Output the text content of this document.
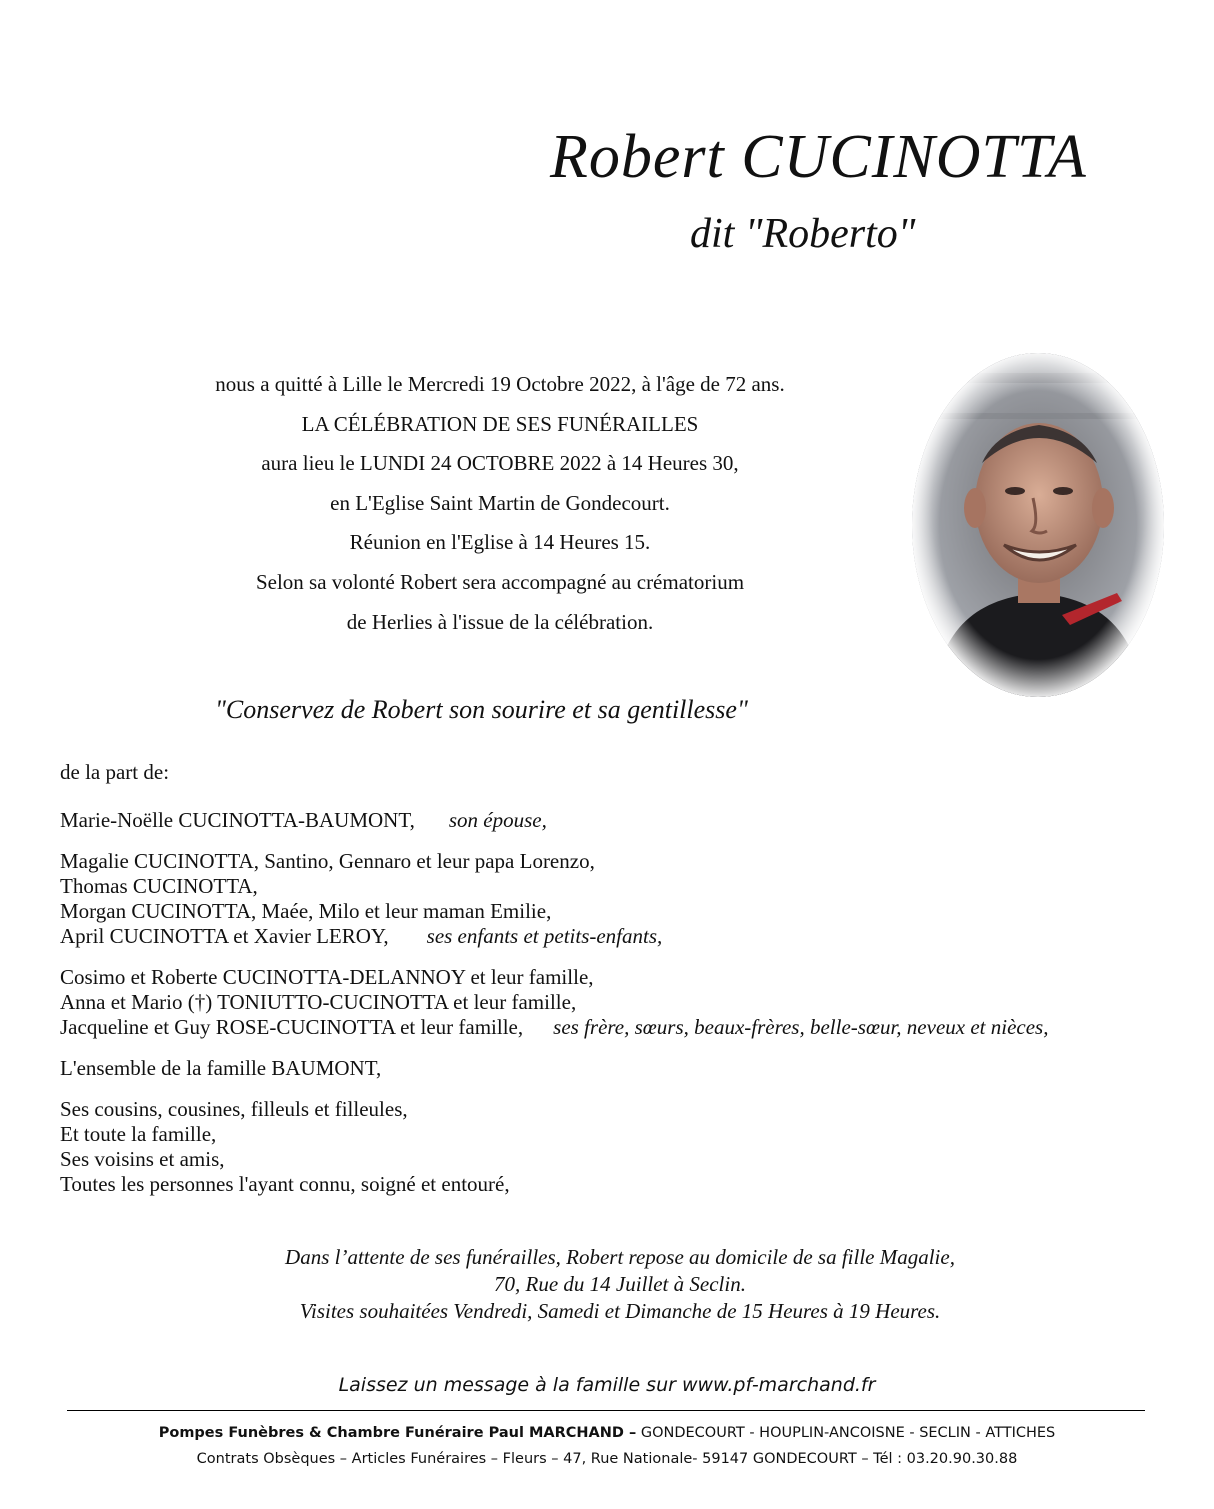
Robert CUCINOTTA
dit "Roberto"
nous a quitté à Lille le Mercredi 19 Octobre 2022, à l'âge de 72 ans.
LA CÉLÉBRATION DE SES FUNÉRAILLES
aura lieu le LUNDI 24 OCTOBRE 2022 à 14 Heures 30,
en L'Eglise Saint Martin de Gondecourt.
Réunion en l'Eglise à 14 Heures 15.
Selon sa volonté Robert sera accompagné au crématorium
de Herlies à l'issue de la célébration.
"Conservez de Robert son sourire et sa gentillesse"
de la part de:
Marie-Noëlle CUCINOTTA-BAUMONT, son épouse,
Magalie CUCINOTTA, Santino, Gennaro et leur papa Lorenzo,
Thomas CUCINOTTA,
Morgan CUCINOTTA, Maée, Milo et leur maman Emilie,
April CUCINOTTA et Xavier LEROY, ses enfants et petits-enfants,
Cosimo et Roberte CUCINOTTA-DELANNOY et leur famille,
Anna et Mario (†) TONIUTTO-CUCINOTTA et leur famille,
Jacqueline et Guy ROSE-CUCINOTTA et leur famille, ses frère, sœurs, beaux-frères, belle-sœur, neveux et nièces,
L'ensemble de la famille BAUMONT,
Ses cousins, cousines, filleuls et filleules,
Et toute la famille,
Ses voisins et amis,
Toutes les personnes l'ayant connu, soigné et entouré,
Dans l’attente de ses funérailles, Robert repose au domicile de sa fille Magalie,
70, Rue du 14 Juillet à Seclin.
Visites souhaitées Vendredi, Samedi et Dimanche de 15 Heures à 19 Heures.
Laissez un message à la famille sur www.pf-marchand.fr
Pompes Funèbres & Chambre Funéraire Paul MARCHAND – GONDECOURT - HOUPLIN-ANCOISNE - SECLIN - ATTICHES
Contrats Obsèques – Articles Funéraires – Fleurs – 47, Rue Nationale- 59147 GONDECOURT – Tél : 03.20.90.30.88
